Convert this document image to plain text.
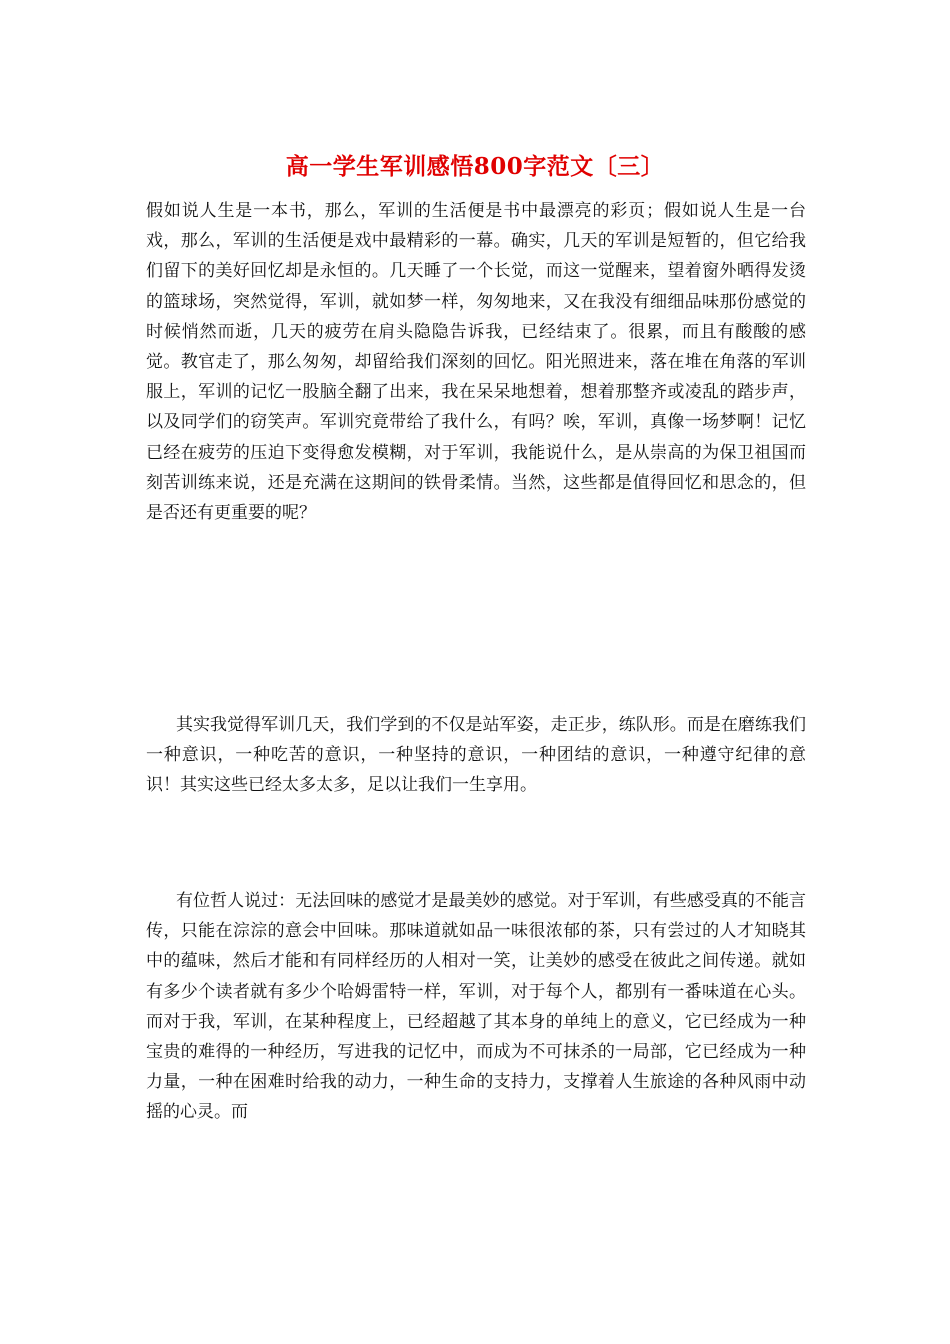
高一学生军训感悟800字范文〔三〕
假如说人生是一本书，那么，军训的生活便是书中最漂亮的彩页；假如说人生是一台戏，那么，军训的生活便是戏中最精彩的一幕。确实，几天的军训是短暂的，但它给我们留下的美好回忆却是永恒的。几天睡了一个长觉，而这一觉醒来，望着窗外晒得发烫的篮球场，突然觉得，军训，就如梦一样，匆匆地来，又在我没有细细品味那份感觉的时候悄然而逝，几天的疲劳在肩头隐隐告诉我，已经结束了。很累，而且有酸酸的感觉。教官走了，那么匆匆，却留给我们深刻的回忆。阳光照进来，落在堆在角落的军训服上，军训的记忆一股脑全翻了出来，我在呆呆地想着，想着那整齐或凌乱的踏步声，以及同学们的窃笑声。军训究竟带给了我什么，有吗？唉，军训，真像一场梦啊！记忆已经在疲劳的压迫下变得愈发模糊，对于军训，我能说什么，是从崇高的为保卫祖国而刻苦训练来说，还是充满在这期间的铁骨柔情。当然，这些都是值得回忆和思念的，但是否还有更重要的呢？
其实我觉得军训几天，我们学到的不仅是站军姿，走正步，练队形。而是在磨练我们一种意识，一种吃苦的意识，一种坚持的意识，一种团结的意识，一种遵守纪律的意识！其实这些已经太多太多，足以让我们一生享用。
有位哲人说过：无法回味的感觉才是最美妙的感觉。对于军训，有些感受真的不能言传，只能在淙淙的意会中回味。那味道就如品一味很浓郁的茶，只有尝过的人才知晓其中的蕴味，然后才能和有同样经历的人相对一笑，让美妙的感受在彼此之间传递。就如有多少个读者就有多少个哈姆雷特一样，军训，对于每个人，都别有一番味道在心头。而对于我，军训，在某种程度上，已经超越了其本身的单纯上的意义，它已经成为一种宝贵的难得的一种经历，写进我的记忆中，而成为不可抹杀的一局部，它已经成为一种力量，一种在困难时给我的动力，一种生命的支持力，支撑着人生旅途的各种风雨中动摇的心灵。而
